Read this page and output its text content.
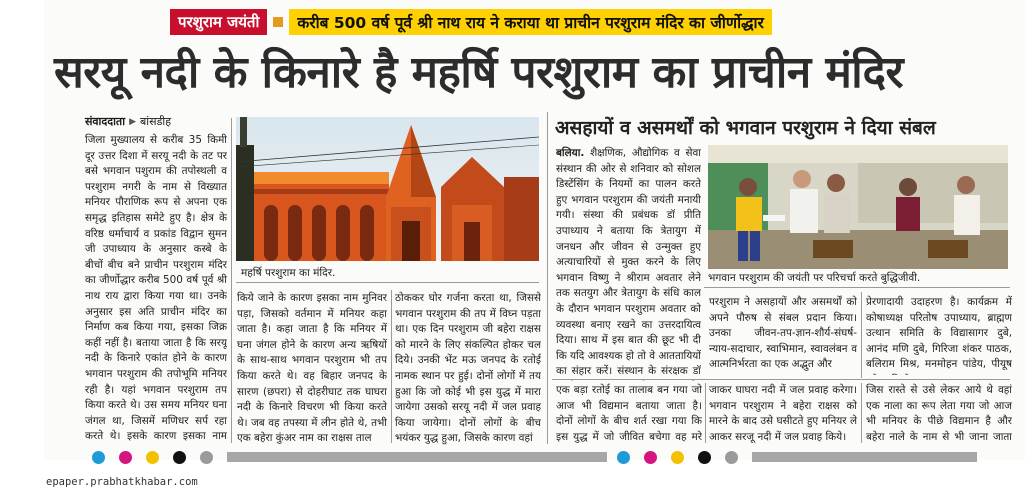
परशुराम जयंती	करीब 500 वर्ष पूर्व श्री नाथ राय ने कराया था प्राचीन परशुराम मंदिर का जीर्णोद्धार
सरयू नदी के किनारे है महर्षि परशुराम का प्राचीन मंदिर
संवाददाता ▶ बांसडीह
जिला मुख्यालय से करीब 35 किमी दूर उत्तर दिशा में सरयू नदी के तट पर बसे भगवान पशुराम की तपोस्थली व परशुराम नगरी के नाम से विख्यात मनियर पौराणिक रूप से अपना एक समृद्ध इतिहास समेटे हुए है। क्षेत्र के वरिष्ठ धर्माचार्य व प्रकांड विद्वान सुमन जी उपाध्याय के अनुसार कस्बे के बीचों बीच बने प्राचीन परशुराम मंदिर का जीर्णोद्धार करीब 500 वर्ष पूर्व श्री नाथ राय द्वारा किया गया था। उनके अनुसार इस अति प्राचीन मंदिर का निर्माण कब किया गया, इसका जिक्र कहीं नहीं है। बताया जाता है कि सरयू नदी के किनारे एकांत होने के कारण भगवान परशुराम की तपोभूमि मनियर रही है। यहां भगवान परशुराम तप किया करते थे। उस समय मनियर घना जंगल था, जिसमें मणिधर सर्प रहा करते थे। इसके कारण इसका नाम
महर्षि परशुराम का मंदिर.
किये जाने के कारण इसका नाम मुनिवर पड़ा, जिसको वर्तमान में मनियर कहा जाता है। कहा जाता है कि मनियर में घना जंगल होने के कारण अन्य ऋषियों के साथ-साथ भगवान परशुराम भी तप किया करते थे। वह बिहार जनपद के सारण (छपरा) से दोहरीघाट तक घाघरा नदी के किनारे विचरण भी किया करते थे। जब वह तपस्या में लीन होते थे, तभी एक बहेरा कुंअर नाम का राक्षस ताल
ठोककर घोर गर्जना करता था, जिससे भगवान परशुराम की तप में विघ्न पड़ता था। एक दिन परशुराम जी बहेरा राक्षस को मारने के लिए संकल्पित होकर चल दिये। उनकी भेंट मऊ जनपद के रतोई नामक स्थान पर हुई। दोनों लोगों में तय हुआ कि जो कोई भी इस युद्ध में मारा जायेगा उसको सरयू नदी में जल प्रवाह किया जायेगा। दोनों लोगों के बीच भयंकर युद्ध हुआ, जिसके कारण वहां
असहायों व असमर्थों को भगवान परशुराम ने दिया संबल
बलिया. शैक्षणिक, औद्योगिक व सेवा संस्थान की ओर से शनिवार को सोशल डिस्टेंसिंग के नियमों का पालन करते हुए भगवान परशुराम की जयंती मनायी गयी। संस्था की प्रबंधक डॉ प्रीति उपाध्याय ने बताया कि त्रेतायुग में जनधन और जीवन से उन्मुक्त हुए अत्याचारियों से मुक्त करने के लिए भगवान विष्णु ने श्रीराम अवतार लेने तक सतयुग और त्रेतायुग के संधि काल के दौरान भगवान परशुराम अवतार को व्यवस्था बनाए रखने का उत्तरदायित्व दिया। साथ में इस बात की छूट भी दी कि यदि आवश्यक हो तो वे आततायियों का संहार करें। संस्थान के संरक्षक डॉ
भगवान परशुराम की जयंती पर परिचर्चा करते बुद्धिजीवी.
परशुराम ने असहायों और असमर्थों को अपने पौरुष से संबल प्रदान किया। उनका जीवन-तप-ज्ञान-शौर्य-संघर्ष-न्याय-सदाचार, स्वाभिमान, स्वावलंबन व आत्मनिर्भरता का एक अद्भुत और
प्रेरणादायी उदाहरण है। कार्यक्रम में कोषाध्यक्ष परितोष उपाध्याय, ब्राह्मण उत्थान समिति के विद्यासागर दुबे, आनंद मणि दुबे, गिरिजा शंकर पाठक, बलिराम मिश्र, मनमोहन पांडेय, पीयूष
एक बड़ा रतोई का तालाब बन गया जो आज भी विद्यमान बताया जाता है। दोनों लोगों के बीच शर्त रखा गया कि इस युद्ध में जो जीवित बचेगा वह मरे
जाकर घाघरा नदी में जल प्रवाह करेगा। भगवान परशुराम ने बहेरा राक्षस को मारने के बाद उसे घसीटते हुए मनियर ले आकर सरजू नदी में जल प्रवाह किये।
जिस रास्ते से उसे लेकर आये थे वहां एक नाला का रूप लेता गया जो आज भी मनियर के पीछे विद्यमान है और बहेरा नाले के नाम से भी जाना जाता
epaper.prabhatkhabar.com
